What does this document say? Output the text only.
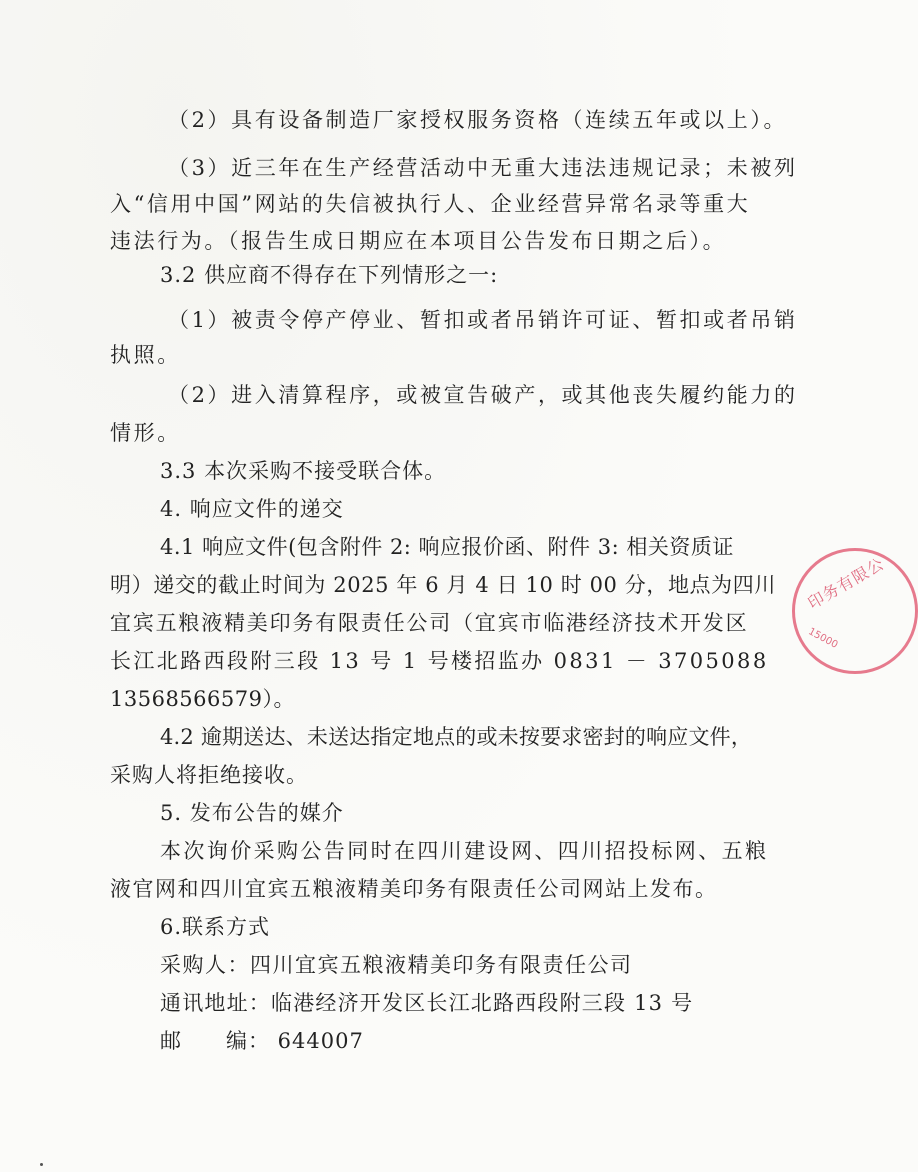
（2）具有设备制造厂家授权服务资格（连续五年或以上）。
（3）近三年在生产经营活动中无重大违法违规记录；未被列
入“信用中国”网站的失信被执行人、企业经营异常名录等重大
违法行为。（报告生成日期应在本项目公告发布日期之后）。
3.2 供应商不得存在下列情形之一:
（1）被责令停产停业、暂扣或者吊销许可证、暂扣或者吊销
执照。
（2）进入清算程序，或被宣告破产，或其他丧失履约能力的
情形。
3.3 本次采购不接受联合体。
4. 响应文件的递交
4.1 响应文件(包含附件 2: 响应报价函、附件 3: 相关资质证
明）递交的截止时间为 2025 年 6 月 4 日 10 时 00 分，地点为四川
宜宾五粮液精美印务有限责任公司（宜宾市临港经济技术开发区
长江北路西段附三段 13 号 1 号楼招监办 0831 － 3705088
13568566579）。
4.2 逾期送达、未送达指定地点的或未按要求密封的响应文件，
采购人将拒绝接收。
5. 发布公告的媒介
本次询价采购公告同时在四川建设网、四川招投标网、五粮
液官网和四川宜宾五粮液精美印务有限责任公司网站上发布。
6.联系方式
采购人：四川宜宾五粮液精美印务有限责任公司
通讯地址：临港经济开发区长江北路西段附三段 13 号
邮　　编： 644007
印务有限公
15000
